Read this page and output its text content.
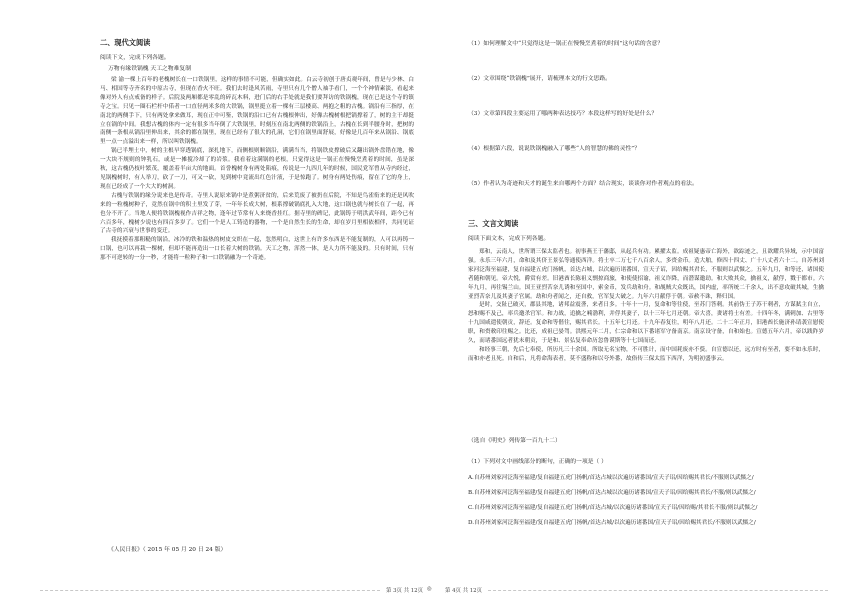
二、现代文阅读
阅读下文，完成下列各题。
万物有缘铁锅槐 天工之物难复制

梁 渝一棵上百年的老槐树长在一口铁锅里，这样的事情不可能，但确实如此。白云寺初创于唐贞观年间，曾是与少林、白马、相国等寺齐名的中原古寺，但现在香火不旺。我们去时逢风苦雨，寺里只有几个僧人袖手看门，一个个神情素淡，看起来像对外人有点戒备的样子。后院及两厢都是零乱的碎瓦木料，进门后的右手处就是我们要拜访的铁锅槐，现在已是这个寺的镇寺之宝。只见一圈石栏杆中偌者一口直径两米多的大铁锅，锅里挺立着一棵有三层楼高、两抱之粗的古槐。锅沿有三指厚，在南北的两侧手下，只有两处拿来做耳，现在正中可鉴，铁锅的沿口已有古槐根伸出，好像古槐树根把锅撑着了，树的主干却挺立在锅的中间。我想古槐的体内一定有很多当年倒了大铁锅里，时刻压在南北两侧的铁锅沿上，古槐在长到半腰身时，把树的南侧一条根从锅沿里伸出来，其余的都在锅里，现在已经有了很大的孔洞，它们在锅里面舒展，好像是几百年来从锅沿、锅底里一点一点溢出来一样，所以叫铁锅槐。

锅已半埋土中，树的主根早穿透锅底，深扎地下，而侧根则顺锅沿，满满当当，将锅铁皮撑破后又翻出锅外盘错在地，像一大块不规则的钟乳石，或是一摊搅冷却了的岩浆。我看着这满锅的老根，只觉得这是一锅正在慢慢烹煮着的时间，虽是深秋，这古槐仍枝叶繁茂，覆盖着半亩大的地面。首誉槐树身有两处陷痕，传说是一九四几年的时候，国民党军曾从寺内经过，见锅槐树时，有人举刀，砍了一刀，可又一砍，见到树中竟流出红色汁液，于是惊跑了。树身有两处伤痕，留在了它的身上，现在已经成了一个大大的树洞。

古槐与铁锅的缘分说来也是传奇。寺里人说原来锅中是煮粥济贫的，后来荒废了被扔在后院，不知是鸟雀衔来的还是风吹来的一粒槐树种子，竟然在锅中的积土里发了芽，一年年长成大树，根系撑破锅底扎入大地，这口锅也就与树长在了一起，再也分不开了。当地人便将铁锅槐视作吉祥之物，逢年过节常有人来烧香挂红。据寺里的碑记，此锅铸于明洪武年间，距今已有六百多年，槐树少说也有四百多岁了。它们一个是人工铸造的器物，一个是自然生长的生命，却在岁月里相依相伴，共同见证了古寺的兴衰与世事的变迁。

我抚摸着那粗糙的锅沿，冰冷的铁和温热的树皮交织在一起，忽然明白，这世上有许多东西是不能复制的，人可以再铸一口锅，也可以再栽一棵树，但却不能再造出一口长着大树的铁锅。天工之物，浑然一体，是人力所不能及的。只有时间，只有那不可逆转的一分一秒，才能将一粒种子和一口铁锅融为一个奇迹。

《人民日报》（ 2015 年 05 月 20 日 24 版）
（1）如何理解文中“只觉得这是一锅正在慢慢烹煮着的时间”这句话的含意？
（2）文章围绕“铁锅槐”展开，请梳理本文的行文思路。
（3）文章第四段主要运用了哪两种表达技巧？本段这样写的好处是什么？
（4）根据第六段，说说铁锅槐融入了哪些“人的智慧的佛的灵性”？
（5）作者认为奇迹和天才的诞生来自哪两个方面？结合现实，谈谈你对作者观点的看法。
三、文言文阅读
阅读下面文本，完成下列各题。

郑和，云南人，世所谓三保太监者也。初事燕王于藩邸，从起兵有功。累擢太监。成祖疑惠帝亡海外，欲踪迹之，且欲耀兵异域，示中国富强。永乐三年六月，命和及其侪王景弘等通使西洋。将士卒二万七千八百余人，多赍金币。造大舶，修四十四丈、广十八丈者六十二。自苏州刘家河泛海至福建，复自福建五虎门扬帆，首达占城，以次遍历诸番国，宣天子诏，因给赐其君长，不服则以武慑之。五年九月，和等还，诸国使者随和朝见。帝大悦，爵赏有差。旧港酋长陈祖义剽掠商旅，和使使招谕，祖义诈降，而潜谋邀劫。和大败其众，擒祖义，献俘，戮于都市。六年九月，再往锡兰山。国王亚烈苦奈儿诱和至国中，索金币，发兵劫和舟。和觇贼大众既出，国内虚，率所统二千余人，出不意攻破其城，生擒亚烈苦奈儿及其妻子官属。劫和舟者闻之，还自救，官军复大破之。九年六月献俘于朝。帝赦不诛，释归国。

是时，交阯已破灭，郡县其地，诸邦益震詟，来者日多。十年十一月，复命和等往使，至苏门答剌。其前伪王子苏干剌者，方谋弑主自立，怒和赐不及己，率兵邀杀官军。和力战，追擒之喃渤利，并俘其妻子，以十三年七月还朝。帝大喜，赉诸将士有差。十四年冬，满剌加、古里等十九国咸遣使朝贡，辞还。复命和等偕往，赐其君长。十五年七月还。十九年春复往，明年八月还。二十二年正月，旧港酋长施济孙请袭宣慰使职，和赍敕印往赐之。比还，成祖已晏驾。洪熙元年二月，仁宗命和以下番诸军守备南京。南京设守备，自和始也。宣德五年六月，帝以践阼岁久，而诸番国远者犹未朝贡，于是和、景弘复奉命历忽鲁谟斯等十七国而还。

和经事三朝，先后七奉使，所历凡三十余国。所取无名宝物，不可胜计，而中国耗废亦不赀。自宣德以还，远方时有至者，要不如永乐时，而和亦老且死。自和后，凡将命海表者，莫不盛称和以夸外番，故俗传三保太监下西洋，为明初盛事云。

（选自《明史》列传第一百九十二）
（1）下列对文中画线部分的断句，正确的一项是（ ）
A.自苏州刘家河泛海至福建/复自福建五虎门扬帆/首达占城以次遍历诸番国/宣天子诏/因给赐其君长/不服则以武慑之/
B.自苏州刘家河泛海至福建/复自福建五虎门扬帆/首达占城以次遍历诸番国/宣天子诏/因给赐其君长/不服/则以武慑之/
C.自苏州刘家河泛海至福建/复自福建五虎门扬帆/首达占城/以次遍历诸番国/宣天子诏/因给赐/其君长不服/则以武慑之/
D.自苏州刘家河泛海至福建/复自福建五虎门扬帆/首达占城/以次遍历诸番国/宣天子诏/因给赐其君长/不服则以武慑之/
第 3页 共 12页 ◎ 第 4页 共 12页
